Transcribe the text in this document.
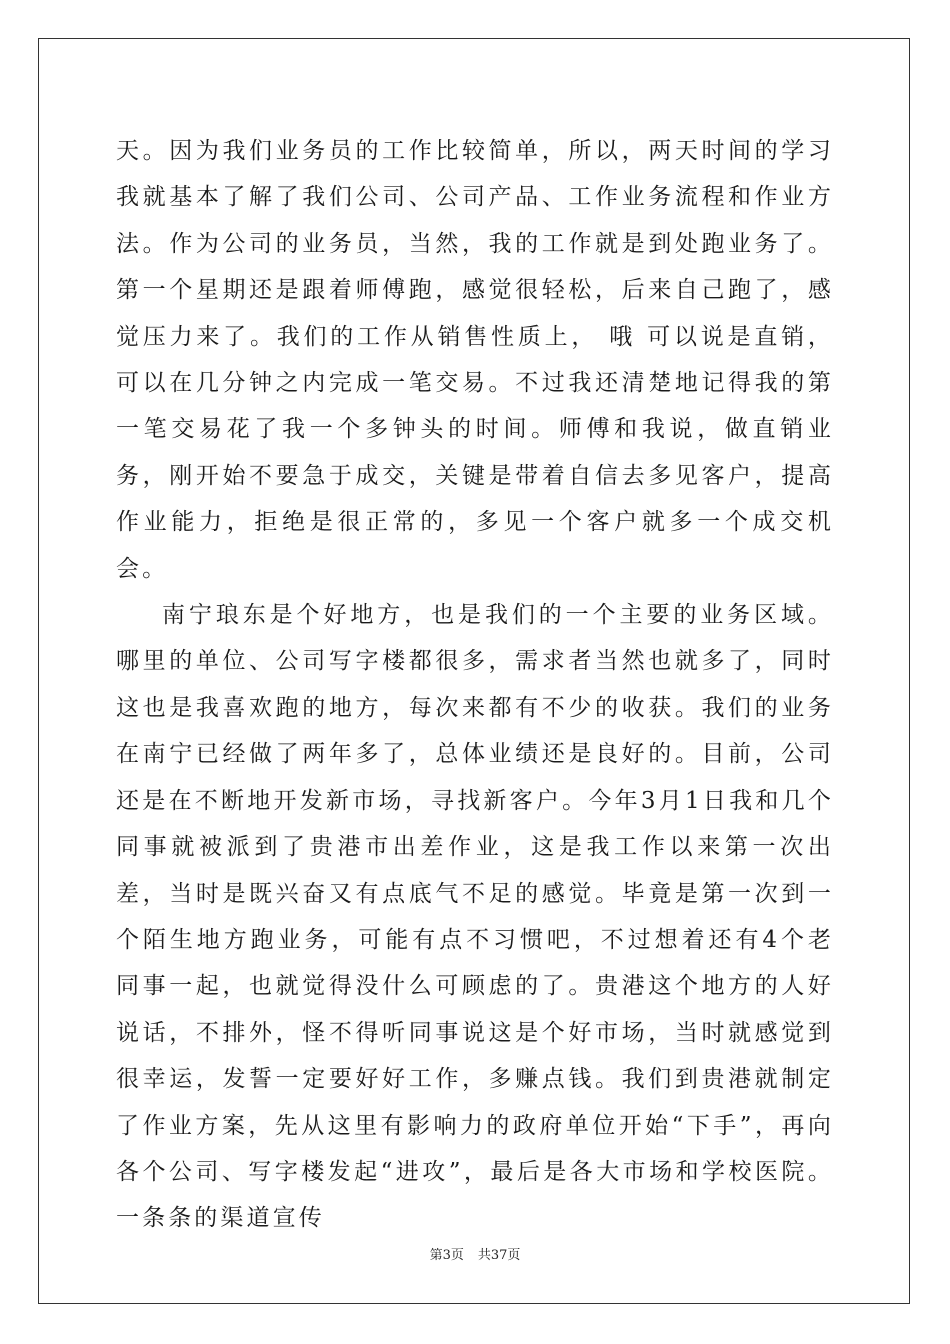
天。因为我们业务员的工作比较简单，所以，两天时间的学习我就基本了解了我们公司、公司产品、工作业务流程和作业方法。作为公司的业务员，当然，我的工作就是到处跑业务了。第一个星期还是跟着师傅跑，感觉很轻松，后来自己跑了，感觉压力来了。我们的工作从销售性质上， 哦 可以说是直销，可以在几分钟之内完成一笔交易。不过我还清楚地记得我的第一笔交易花了我一个多钟头的时间。师傅和我说，做直销业务，刚开始不要急于成交，关键是带着自信去多见客户，提高作业能力，拒绝是很正常的，多见一个客户就多一个成交机会。

南宁琅东是个好地方，也是我们的一个主要的业务区域。哪里的单位、公司写字楼都很多，需求者当然也就多了，同时这也是我喜欢跑的地方，每次来都有不少的收获。我们的业务在南宁已经做了两年多了，总体业绩还是良好的。目前，公司还是在不断地开发新市场，寻找新客户。今年3月1日我和几个同事就被派到了贵港市出差作业，这是我工作以来第一次出差，当时是既兴奋又有点底气不足的感觉。毕竟是第一次到一个陌生地方跑业务，可能有点不习惯吧，不过想着还有4个老同事一起，也就觉得没什么可顾虑的了。贵港这个地方的人好说话，不排外，怪不得听同事说这是个好市场，当时就感觉到很幸运，发誓一定要好好工作，多赚点钱。我们到贵港就制定了作业方案，先从这里有影响力的政府单位开始“下手”，再向各个公司、写字楼发起“进攻”，最后是各大市场和学校医院。一条条的渠道宣传

第3页 共37页
